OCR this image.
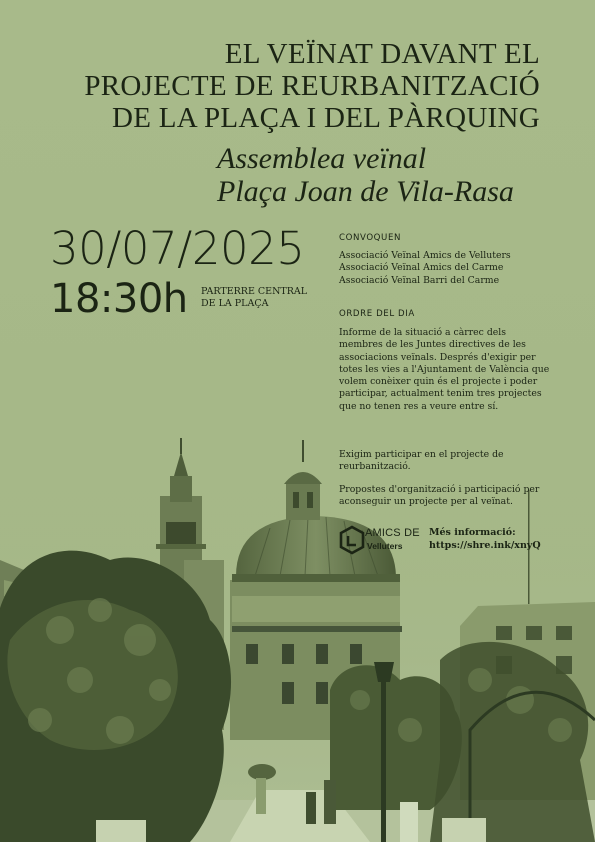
EL VEÏNAT DAVANT EL
PROJECTE DE REURBANITZACIÓ
DE LA PLAÇA I DEL PÀRQUING
Assemblea veïnal
Plaça Joan de Vila-Rasa
30/07/2025
18:30h PARTERRE CENTRAL
DE LA PLAÇA
CONVOQUEN
Associació Veïnal Amics de Velluters
Associació Veïnal Amics del Carme
Associació Veïnal Barri del Carme
ORDRE DEL DIA
Informe de la situació a càrrec dels membres de les Juntes directives de les associacions veïnals. Després d'exigir per totes les vies a l'Ajuntament de València que volem conèixer quin és el projecte i poder participar, actualment tenim tres projectes que no tenen res a veure entre sí.
Exigim participar en el projecte de reurbanització.
Propostes d'organització i participació per aconseguir un projecte per al veïnat.
AMICS DE
Velluters
Més informació:
https://shre.ink/xnyQ
